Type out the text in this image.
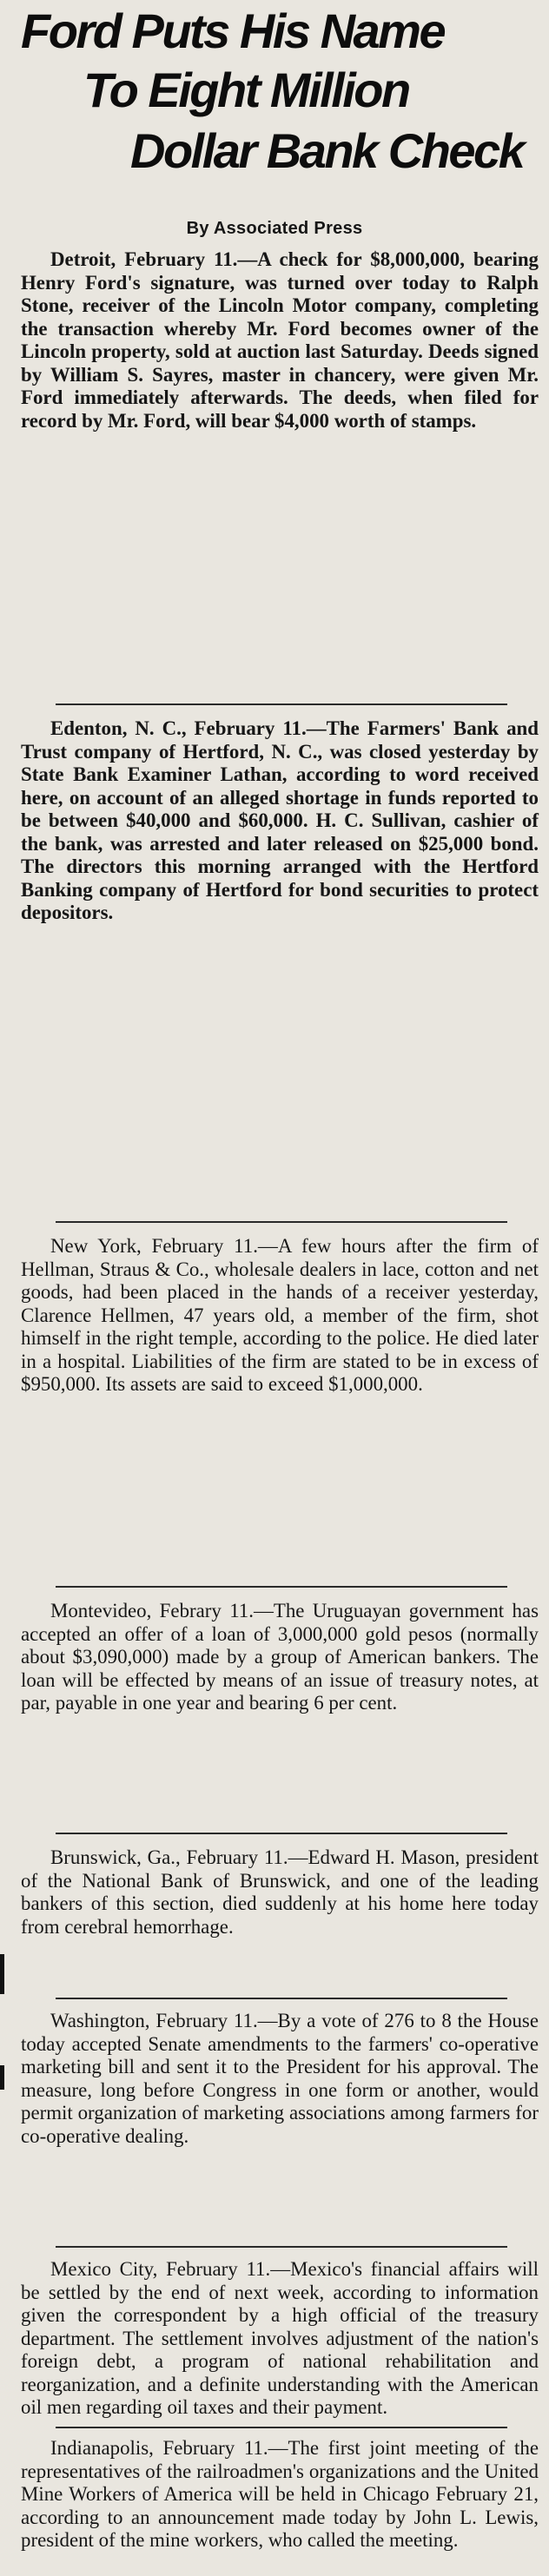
Ford Puts His Name
To Eight Million
Dollar Bank Check
By Associated Press
Detroit, February 11.—A check for $8,000,000, bearing Henry Ford's signature, was turned over today to Ralph Stone, receiver of the Lincoln Motor company, completing the transaction whereby Mr. Ford becomes owner of the Lincoln property, sold at auction last Saturday. Deeds signed by William S. Sayres, master in chancery, were given Mr. Ford immediately afterwards. The deeds, when filed for record by Mr. Ford, will bear $4,000 worth of stamps.
Edenton, N. C., February 11.—The Farmers' Bank and Trust company of Hertford, N. C., was closed yesterday by State Bank Examiner Lathan, according to word received here, on account of an alleged shortage in funds reported to be between $40,000 and $60,000. H. C. Sullivan, cashier of the bank, was arrested and later released on $25,000 bond. The directors this morning arranged with the Hertford Banking company of Hertford for bond securities to protect depositors.
New York, February 11.—A few hours after the firm of Hellman, Straus & Co., wholesale dealers in lace, cotton and net goods, had been placed in the hands of a receiver yesterday, Clarence Hellmen, 47 years old, a member of the firm, shot himself in the right temple, according to the police. He died later in a hospital. Liabilities of the firm are stated to be in excess of $950,000. Its assets are said to exceed $1,000,000.
Montevideo, Febrary 11.—The Uruguayan government has accepted an offer of a loan of 3,000,000 gold pesos (normally about $3,090,000) made by a group of American bankers. The loan will be effected by means of an issue of treasury notes, at par, payable in one year and bearing 6 per cent.
Brunswick, Ga., February 11.—Edward H. Mason, president of the National Bank of Brunswick, and one of the leading bankers of this section, died suddenly at his home here today from cerebral hemorrhage.
Washington, February 11.—By a vote of 276 to 8 the House today accepted Senate amendments to the farmers' co-operative marketing bill and sent it to the President for his approval. The measure, long before Congress in one form or another, would permit organization of marketing associations among farmers for co-operative dealing.
Mexico City, February 11.—Mexico's financial affairs will be settled by the end of next week, according to information given the correspondent by a high official of the treasury department. The settlement involves adjustment of the nation's foreign debt, a program of national rehabilitation and reorganization, and a definite understanding with the American oil men regarding oil taxes and their payment.
Indianapolis, February 11.—The first joint meeting of the representatives of the railroadmen's organizations and the United Mine Workers of America will be held in Chicago February 21, according to an announcement made today by John L. Lewis, president of the mine workers, who called the meeting.
